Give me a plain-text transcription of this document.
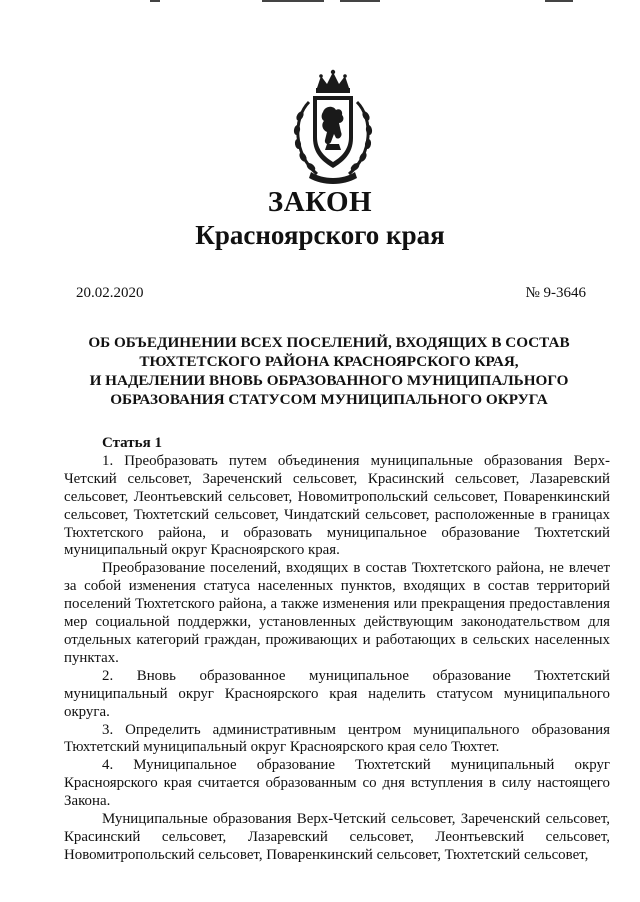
ЗАКОН
Красноярского края
20.02.2020	№ 9-3646
ОБ ОБЪЕДИНЕНИИ ВСЕХ ПОСЕЛЕНИЙ, ВХОДЯЩИХ В СОСТАВ
ТЮХТЕТСКОГО РАЙОНА КРАСНОЯРСКОГО КРАЯ,
И НАДЕЛЕНИИ ВНОВЬ ОБРАЗОВАННОГО МУНИЦИПАЛЬНОГО
ОБРАЗОВАНИЯ СТАТУСОМ МУНИЦИПАЛЬНОГО ОКРУГА
Статья 1

1. Преобразовать путем объединения муниципальные образования Верх-Четский сельсовет, Зареченский сельсовет, Красинский сельсовет, Лазаревский сельсовет, Леонтьевский сельсовет, Новомитропольский сельсовет, Поваренкинский сельсовет, Тюхтетский сельсовет, Чиндатский сельсовет, расположенные в границах Тюхтетского района, и образовать муниципальное образование Тюхтетский муниципальный округ Красноярского края.

Преобразование поселений, входящих в состав Тюхтетского района, не влечет за собой изменения статуса населенных пунктов, входящих в состав территорий поселений Тюхтетского района, а также изменения или прекращения предоставления мер социальной поддержки, установленных действующим законодательством для отдельных категорий граждан, проживающих и работающих в сельских населенных пунктах.

2. Вновь образованное муниципальное образование Тюхтетский муниципальный округ Красноярского края наделить статусом муниципального округа.

3. Определить административным центром муниципального образования Тюхтетский муниципальный округ Красноярского края село Тюхтет.

4. Муниципальное образование Тюхтетский муниципальный округ Красноярского края считается образованным со дня вступления в силу настоящего Закона.

Муниципальные образования Верх-Четский сельсовет, Зареченский сельсовет, Красинский сельсовет, Лазаревский сельсовет, Леонтьевский сельсовет, Новомитропольский сельсовет, Поваренкинский сельсовет, Тюхтетский сельсовет,
